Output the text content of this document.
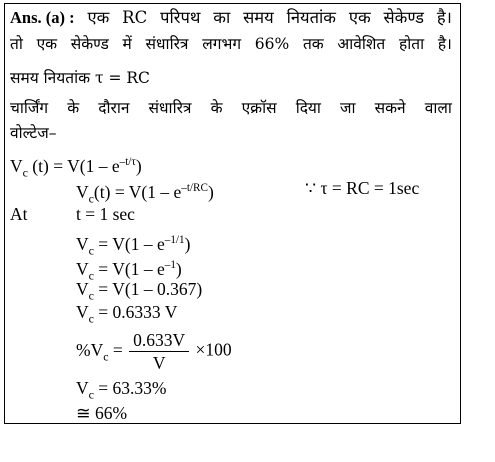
Ans. (a) : एक RC परिपथ का समय नियतांक एक सेकेण्ड है।
तो एक सेकेण्ड में संधारित्र लगभग 66% तक आवेशित होता है।
समय नियतांक τ = RC
चार्जिंग के दौरान संधारित्र के एक्रॉस दिया जा सकने वाला
वोल्टेज–
$V_c$ $(t) = V(1 - e^{-t/\tau})$
$V_c(t) = V(1 - e^{-t/RC})$	∵ τ = RC = 1sec
At	t = 1 sec
$V_c = V(1 - e^{-1/1})$
$V_c = V(1 - e^{-1})$
$V_c = V(1 - 0.367)$
$V_c = 0.6333$ V
$\%V_c = \frac{0.633V}{V} \times 100$
$V_c = 63.33\%$
≅ 66%
